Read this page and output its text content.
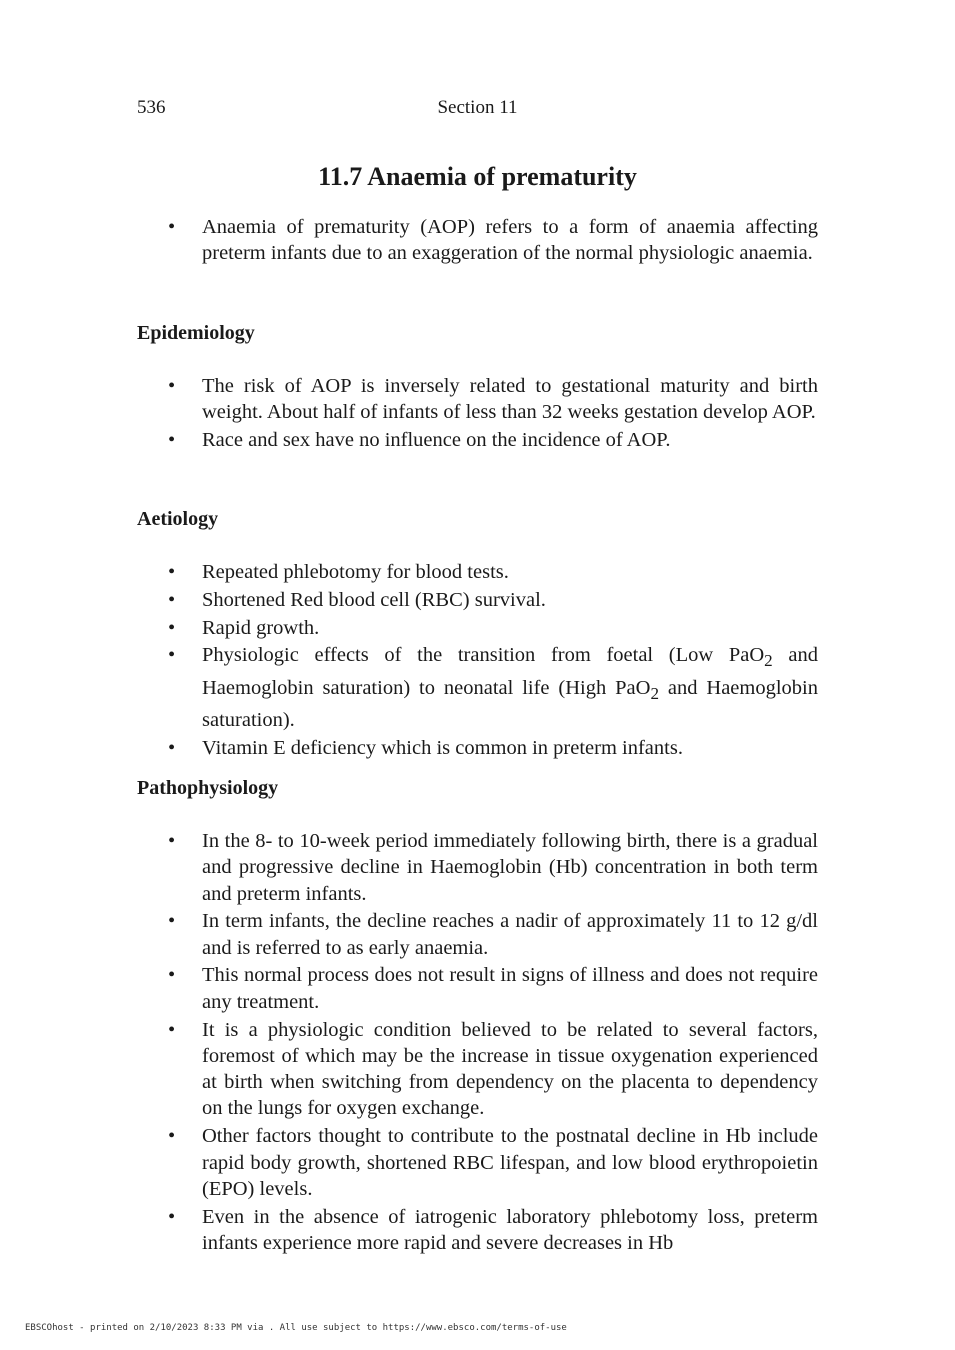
536	Section 11
11.7 Anaemia of prematurity
• Anaemia of prematurity (AOP) refers to a form of anaemia affecting preterm infants due to an exaggeration of the normal physiologic anaemia.
Epidemiology
• The risk of AOP is inversely related to gestational maturity and birth weight. About half of infants of less than 32 weeks gestation develop AOP.
• Race and sex have no influence on the incidence of AOP.
Aetiology
• Repeated phlebotomy for blood tests.
• Shortened Red blood cell (RBC) survival.
• Rapid growth.
• Physiologic effects of the transition from foetal (Low PaO$_2$ and Haemoglobin saturation) to neonatal life (High PaO$_2$ and Haemoglobin saturation).
• Vitamin E deficiency which is common in preterm infants.
Pathophysiology
• In the 8- to 10-week period immediately following birth, there is a gradual and progressive decline in Haemoglobin (Hb) concentration in both term and preterm infants.
• In term infants, the decline reaches a nadir of approximately 11 to 12 g/dl and is referred to as early anaemia.
• This normal process does not result in signs of illness and does not require any treatment.
• It is a physiologic condition believed to be related to several factors, foremost of which may be the increase in tissue oxygenation experienced at birth when switching from dependency on the placenta to dependency on the lungs for oxygen exchange.
• Other factors thought to contribute to the postnatal decline in Hb include rapid body growth, shortened RBC lifespan, and low blood erythropoietin (EPO) levels.
• Even in the absence of iatrogenic laboratory phlebotomy loss, preterm infants experience more rapid and severe decreases in Hb
EBSCOhost - printed on 2/10/2023 8:33 PM via . All use subject to https://www.ebsco.com/terms-of-use
